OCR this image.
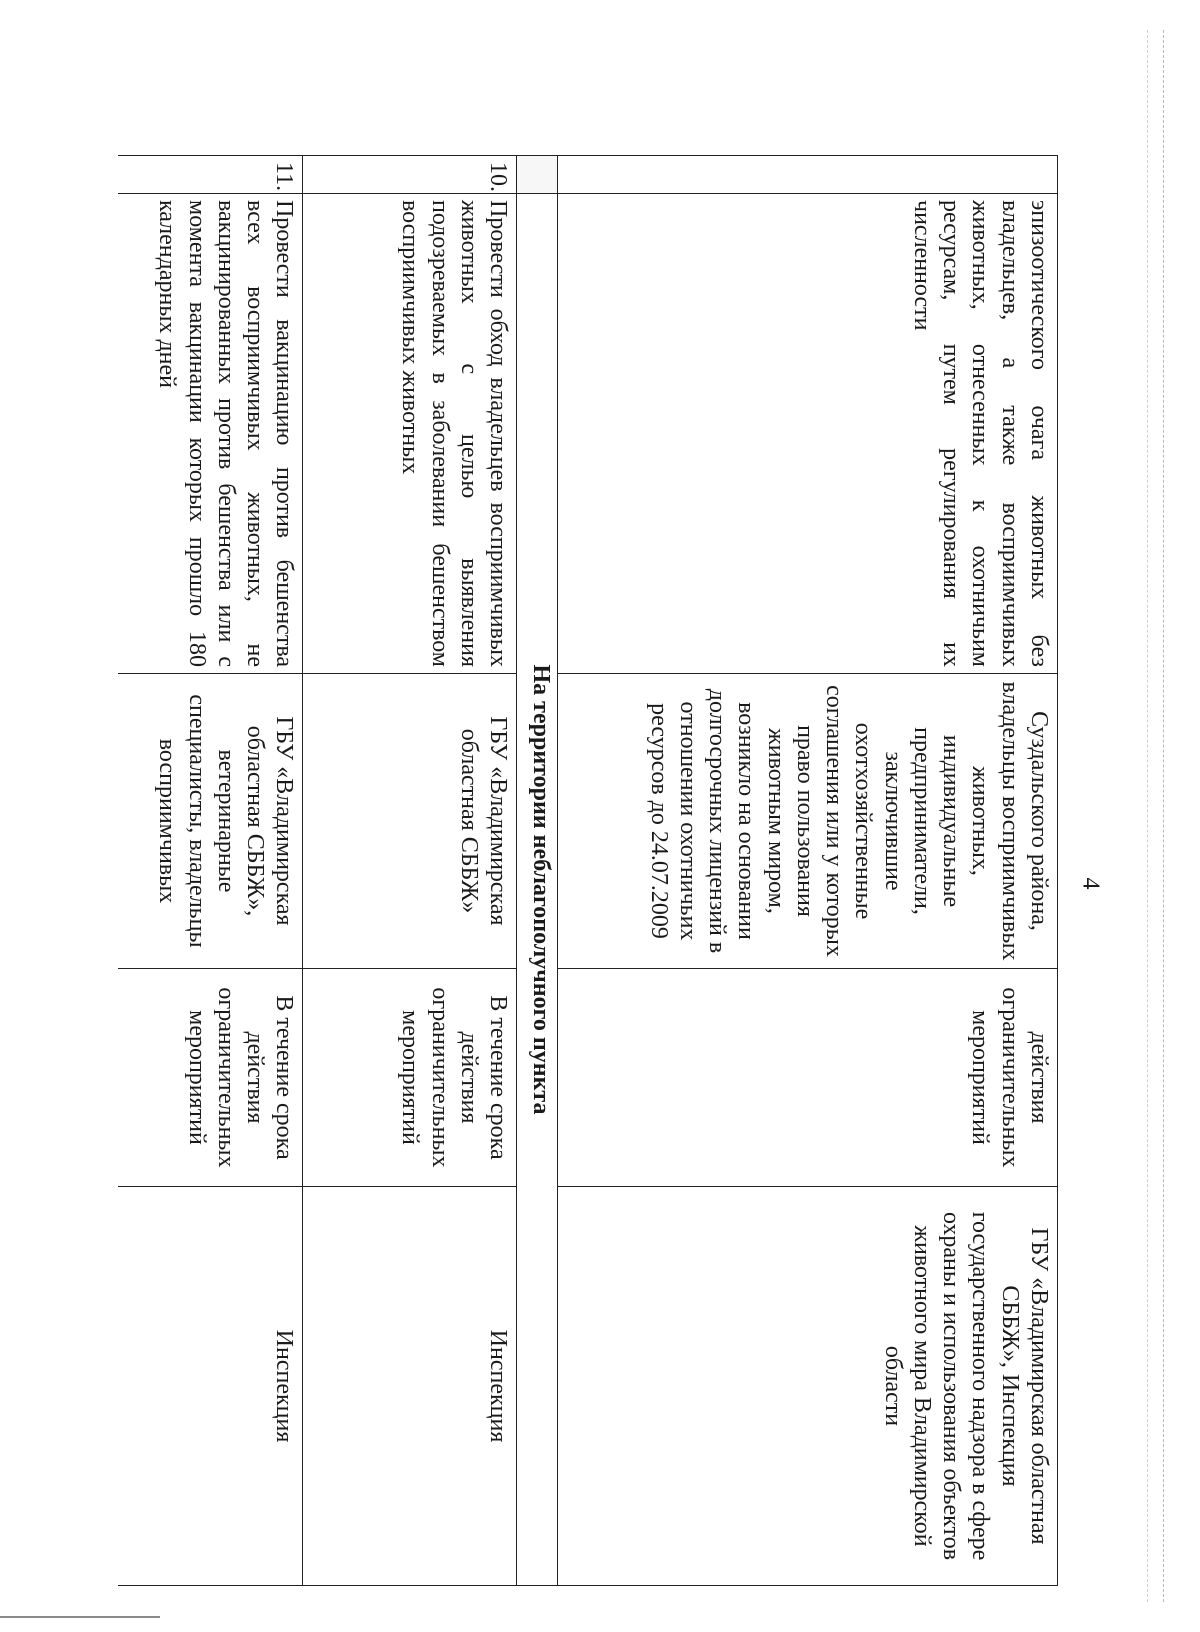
4
	эпизоотического очага животных без владельцев, а также восприимчивых животных, отнесенных к охотничьим ресурсам, путем регулирования их численности	Суздальского района, владельцы восприимчивых животных, индивидуальные предприниматели, заключившие охотхозяйственные соглашения или у которых право пользования животным миром, возникло на основании долгосрочных лицензий в отношении охотничьих ресурсов до 24.07.2009	действия ограничительных мероприятий	ГБУ «Владимирская областная СББЖ», Инспекция государственного надзора в сфере охраны и использования объектов животного мира Владимирской области
	На территории неблагополучного пункта			
10.	Провести обход владельцев восприимчивых животных с целью выявления подозреваемых в заболевании бешенством восприимчивых животных	ГБУ «Владимирская областная СББЖ»	В течение срока действия ограничительных мероприятий	Инспекция
11.	Провести вакцинацию против бешенства всех восприимчивых животных, не вакцинированных против бешенства или с момента вакцинации которых прошло 180 календарных дней	ГБУ «Владимирская областная СББЖ», ветеринарные специалисты, владельцы восприимчивых	В течение срока действия ограничительных мероприятий	Инспекция
